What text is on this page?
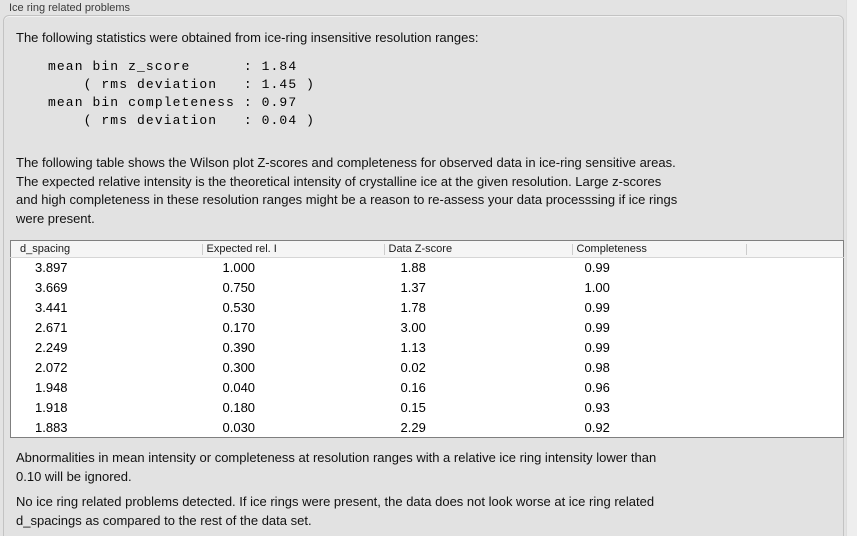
Ice ring related problems
The following statistics were obtained from ice-ring insensitive resolution ranges:
mean bin z_score      : 1.84
( rms deviation   : 1.45 )
mean bin completeness : 0.97
( rms deviation   : 0.04 )
The following table shows the Wilson plot Z-scores and completeness for observed data in ice-ring sensitive areas.
The expected relative intensity is the theoretical intensity of crystalline ice at the given resolution. Large z-scores
and high completeness in these resolution ranges might be a reason to re-assess your data processsing if ice rings
were present.
d_spacing	Expected rel. I	Data Z-score	Completeness	
3.897	1.000	1.88	0.99	
3.669	0.750	1.37	1.00	
3.441	0.530	1.78	0.99	
2.671	0.170	3.00	0.99	
2.249	0.390	1.13	0.99	
2.072	0.300	0.02	0.98	
1.948	0.040	0.16	0.96	
1.918	0.180	0.15	0.93	
1.883	0.030	2.29	0.92	
Abnormalities in mean intensity or completeness at resolution ranges with a relative ice ring intensity lower than
0.10 will be ignored.
No ice ring related problems detected. If ice rings were present, the data does not look worse at ice ring related
d_spacings as compared to the rest of the data set.
